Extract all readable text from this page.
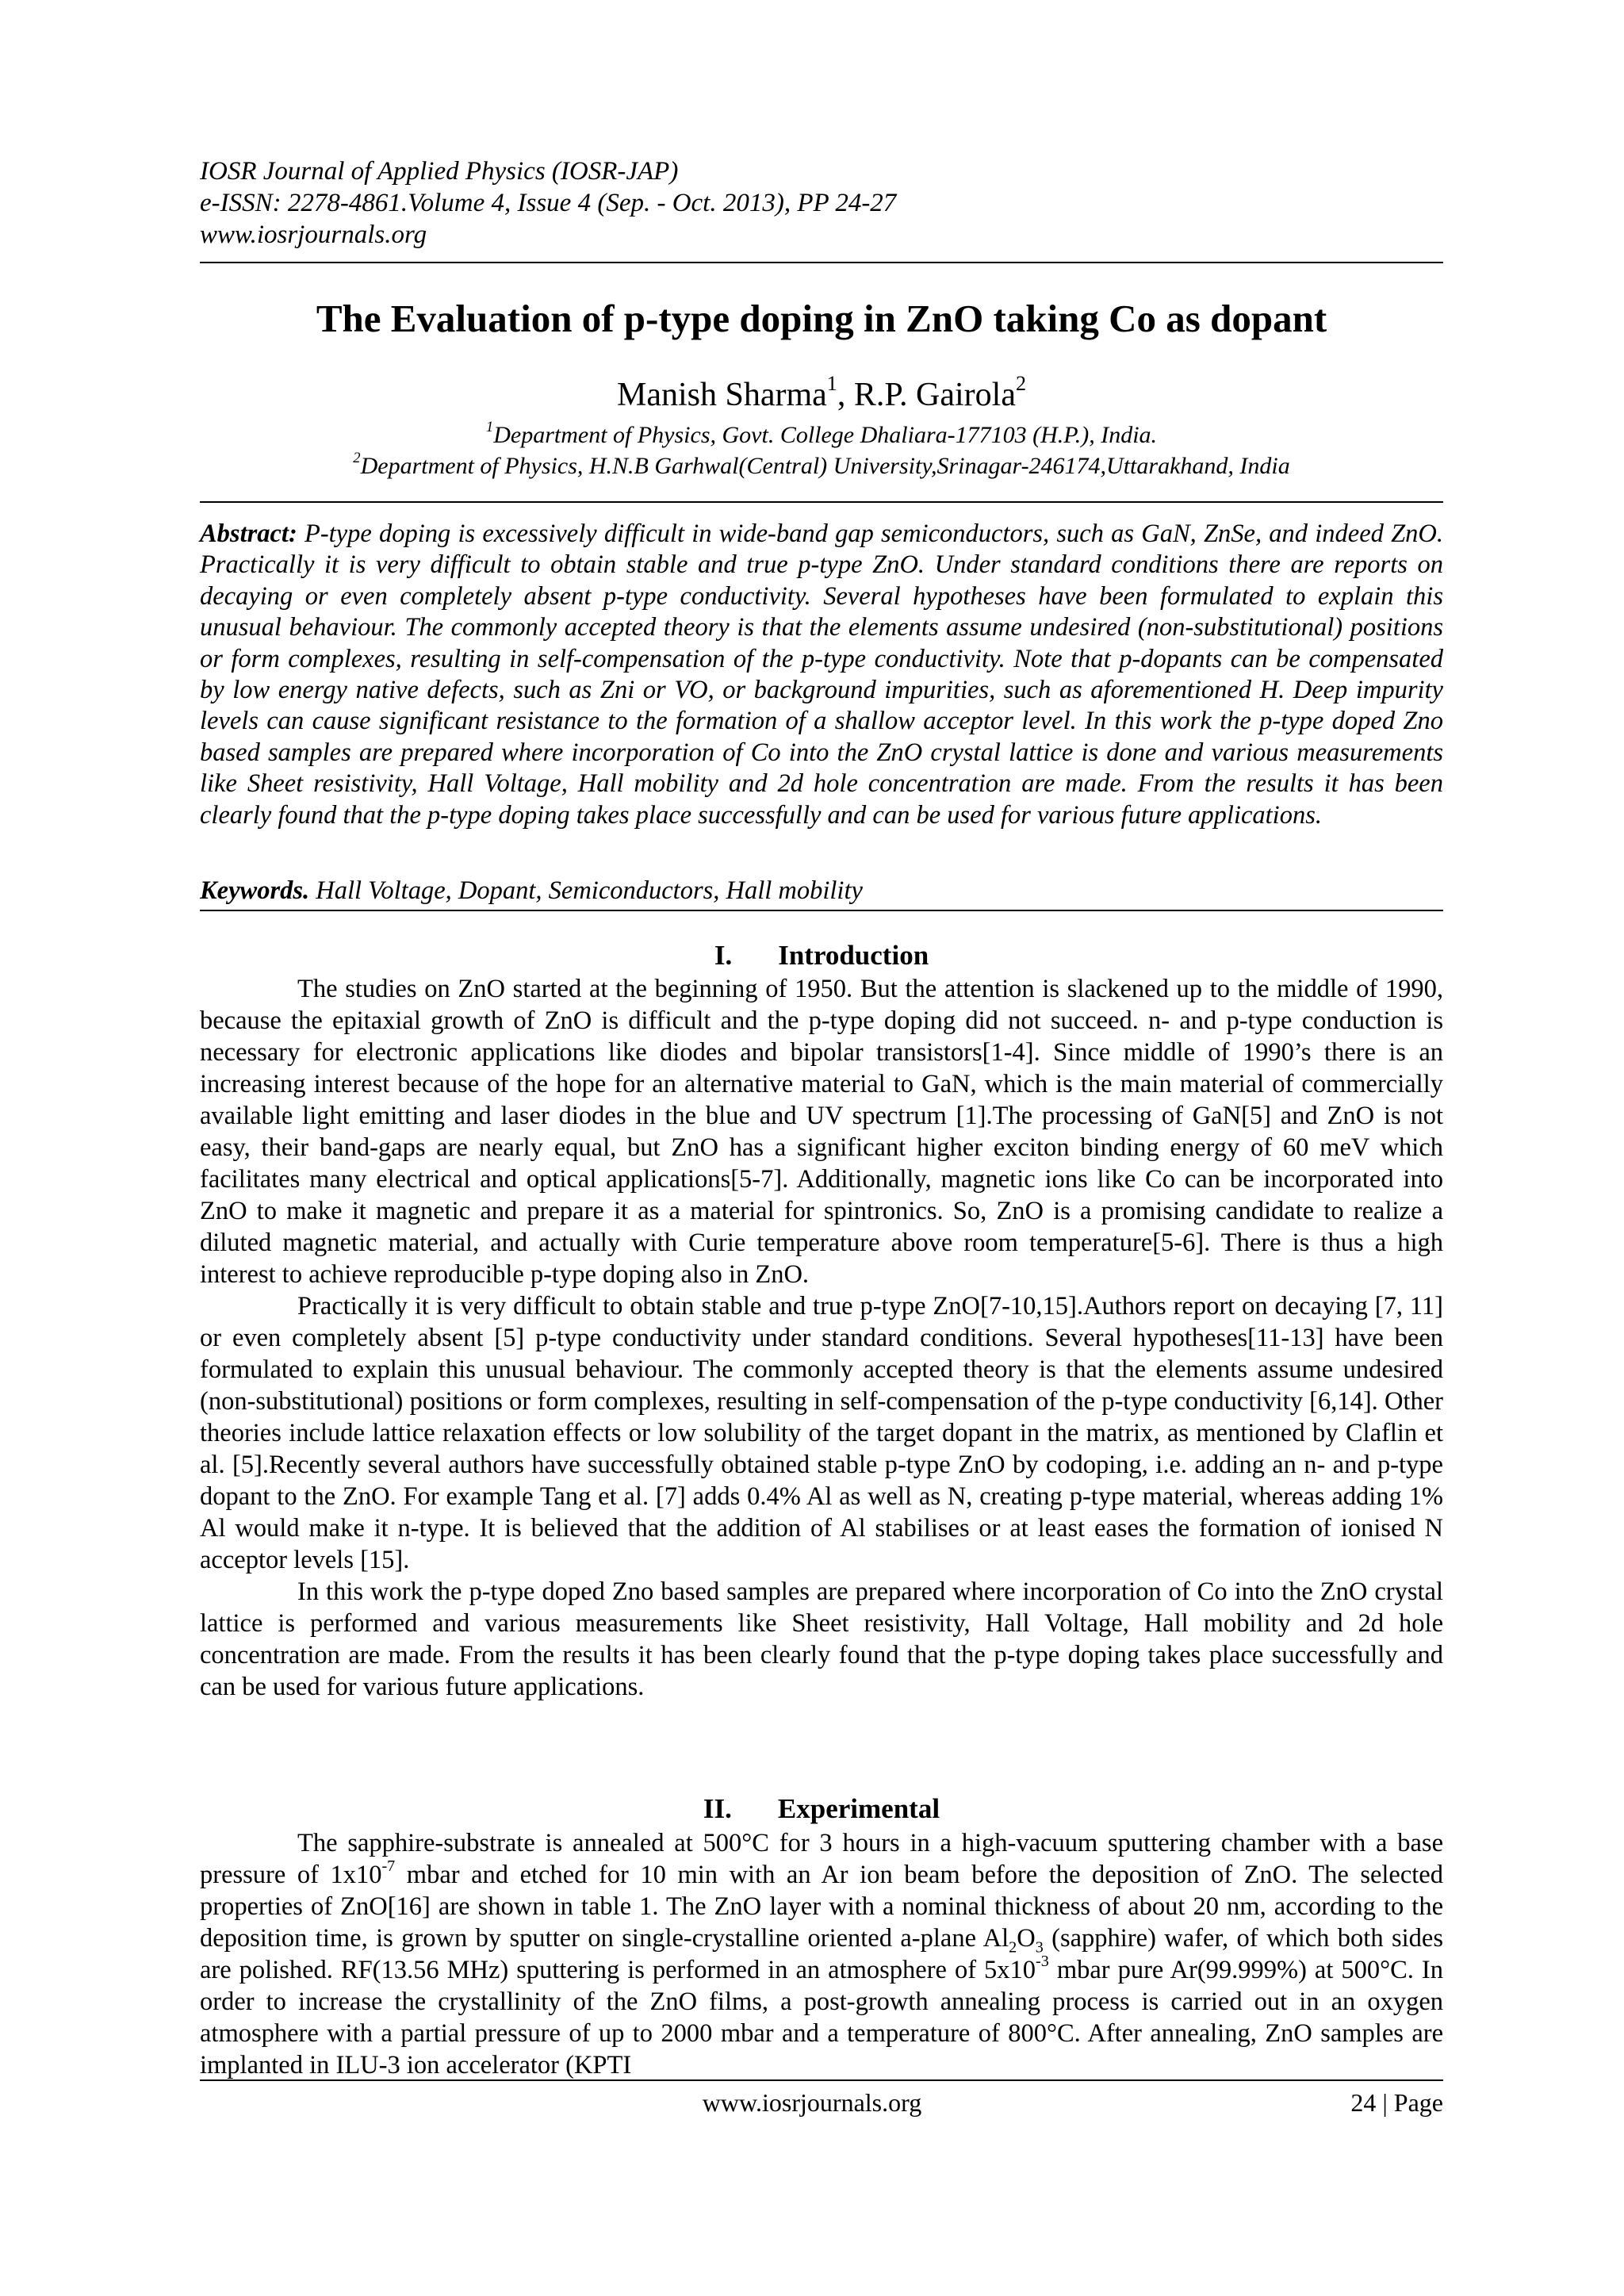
IOSR Journal of Applied Physics (IOSR-JAP)
e-ISSN: 2278-4861.Volume 4, Issue 4 (Sep. - Oct. 2013), PP 24-27
www.iosrjournals.org
The Evaluation of p-type doping in ZnO taking Co as dopant
Manish Sharma$^1$, R.P. Gairola$^2$
$^1$Department of Physics, Govt. College Dhaliara-177103 (H.P.), India.
$^2$Department of Physics, H.N.B Garhwal(Central) University,Srinagar-246174,Uttarakhand, India
Abstract: P-type doping is excessively difficult in wide-band gap semiconductors, such as GaN, ZnSe, and indeed ZnO. Practically it is very difficult to obtain stable and true p-type ZnO. Under standard conditions there are reports on decaying or even completely absent p-type conductivity. Several hypotheses have been formulated to explain this unusual behaviour. The commonly accepted theory is that the elements assume undesired (non-substitutional) positions or form complexes, resulting in self-compensation of the p-type conductivity. Note that p-dopants can be compensated by low energy native defects, such as Zni or VO, or background impurities, such as aforementioned H. Deep impurity levels can cause significant resistance to the formation of a shallow acceptor level. In this work the p-type doped Zno based samples are prepared where incorporation of Co into the ZnO crystal lattice is done and various measurements like Sheet resistivity, Hall Voltage, Hall mobility and 2d hole concentration are made. From the results it has been clearly found that the p-type doping takes place successfully and can be used for various future applications.
Keywords. Hall Voltage, Dopant, Semiconductors, Hall mobility
I. Introduction

The studies on ZnO started at the beginning of 1950. But the attention is slackened up to the middle of 1990, because the epitaxial growth of ZnO is difficult and the p-type doping did not succeed. n- and p-type conduction is necessary for electronic applications like diodes and bipolar transistors[1-4]. Since middle of 1990’s there is an increasing interest because of the hope for an alternative material to GaN, which is the main material of commercially available light emitting and laser diodes in the blue and UV spectrum [1].The processing of GaN[5] and ZnO is not easy, their band-gaps are nearly equal, but ZnO has a significant higher exciton binding energy of 60 meV which facilitates many electrical and optical applications[5-7]. Additionally, magnetic ions like Co can be incorporated into ZnO to make it magnetic and prepare it as a material for spintronics. So, ZnO is a promising candidate to realize a diluted magnetic material, and actually with Curie temperature above room temperature[5-6]. There is thus a high interest to achieve reproducible p-type doping also in ZnO.

Practically it is very difficult to obtain stable and true p-type ZnO[7-10,15].Authors report on decaying [7, 11] or even completely absent [5] p-type conductivity under standard conditions. Several hypotheses[11-13] have been formulated to explain this unusual behaviour. The commonly accepted theory is that the elements assume undesired (non-substitutional) positions or form complexes, resulting in self-compensation of the p-type conductivity [6,14]. Other theories include lattice relaxation effects or low solubility of the target dopant in the matrix, as mentioned by Claflin et al. [5].Recently several authors have successfully obtained stable p-type ZnO by codoping, i.e. adding an n- and p-type dopant to the ZnO. For example Tang et al. [7] adds 0.4% Al as well as N, creating p-type material, whereas adding 1% Al would make it n-type. It is believed that the addition of Al stabilises or at least eases the formation of ionised N acceptor levels [15].

In this work the p-type doped Zno based samples are prepared where incorporation of Co into the ZnO crystal lattice is performed and various measurements like Sheet resistivity, Hall Voltage, Hall mobility and 2d hole concentration are made. From the results it has been clearly found that the p-type doping takes place successfully and can be used for various future applications.

II. Experimental

The sapphire-substrate is annealed at 500°C for 3 hours in a high-vacuum sputtering chamber with a base pressure of $1x10^{-7}$ mbar and etched for 10 min with an Ar ion beam before the deposition of ZnO. The selected properties of ZnO[16] are shown in table 1. The ZnO layer with a nominal thickness of about 20 nm, according to the deposition time, is grown by sputter on single-crystalline oriented a-plane $Al_2O_3$ (sapphire) wafer, of which both sides are polished. RF(13.56 MHz) sputtering is performed in an atmosphere of $5x10^{-3}$ mbar pure Ar(99.999%) at 500°C. In order to increase the crystallinity of the ZnO films, a post-growth annealing process is carried out in an oxygen atmosphere with a partial pressure of up to 2000 mbar and a temperature of 800°C. After annealing, ZnO samples are implanted in ILU-3 ion accelerator (KPTI

www.iosrjournals.org	24 | Page
